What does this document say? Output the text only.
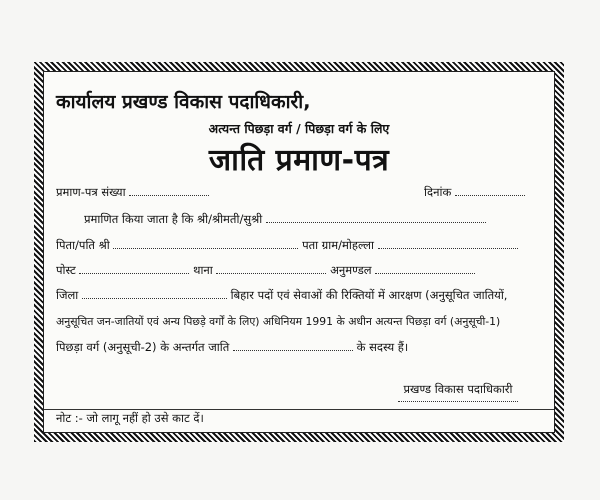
कार्यालय प्रखण्ड विकास पदाधिकारी,
अत्यन्त पिछड़ा वर्ग / पिछड़ा वर्ग के लिए
जाति प्रमाण-पत्र
प्रमाण-पत्र संख्या	दिनांक
प्रमाणित किया जाता है कि श्री/श्रीमती/सुश्री
पिता/पति श्री	पता ग्राम/मोहल्ला
पोस्ट	थाना	अनुमण्डल
जिला	बिहार पदों एवं सेवाओं की रिक्तियों में आरक्षण (अनुसूचित जातियों,
अनुसूचित जन-जातियों एवं अन्य पिछड़े वर्गों के लिए) अधिनियम 1991 के अधीन अत्यन्त पिछड़ा वर्ग (अनुसूची-1)
पिछड़ा वर्ग (अनुसूची-2) के अन्तर्गत जाति	के सदस्य हैं।
प्रखण्ड विकास पदाधिकारी
नोट :- जो लागू नहीं हो उसे काट दें।
